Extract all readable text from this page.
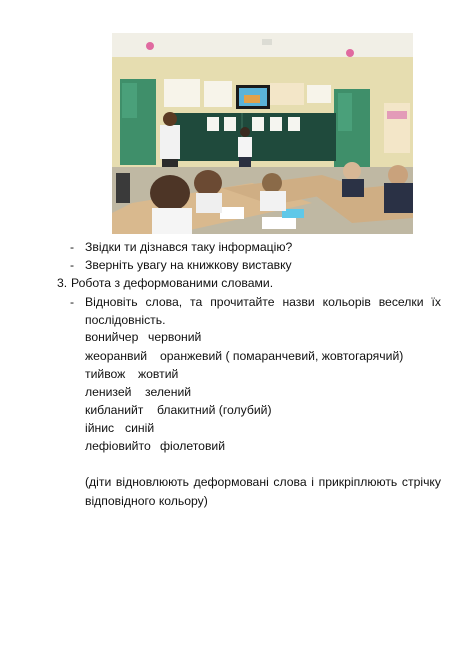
- Звідки ти дізнався таку інформацію?
- Зверніть увагу на книжкову виставку
3. Робота з деформованими словами.
- Відновіть слова, та прочитайте назви кольорів веселки їх
послідовність.
вонийчер червоний
жеоранвий оранжевий ( помаранчевий, жовтогарячий)
тийвож жовтий
ленизей зелений
кибланийт блакитний (голубий)
ійнис синій
лефіовийто фіолетовий
(діти відновлюють деформовані слова і прикріплюють стрічку
відповідного кольору)
